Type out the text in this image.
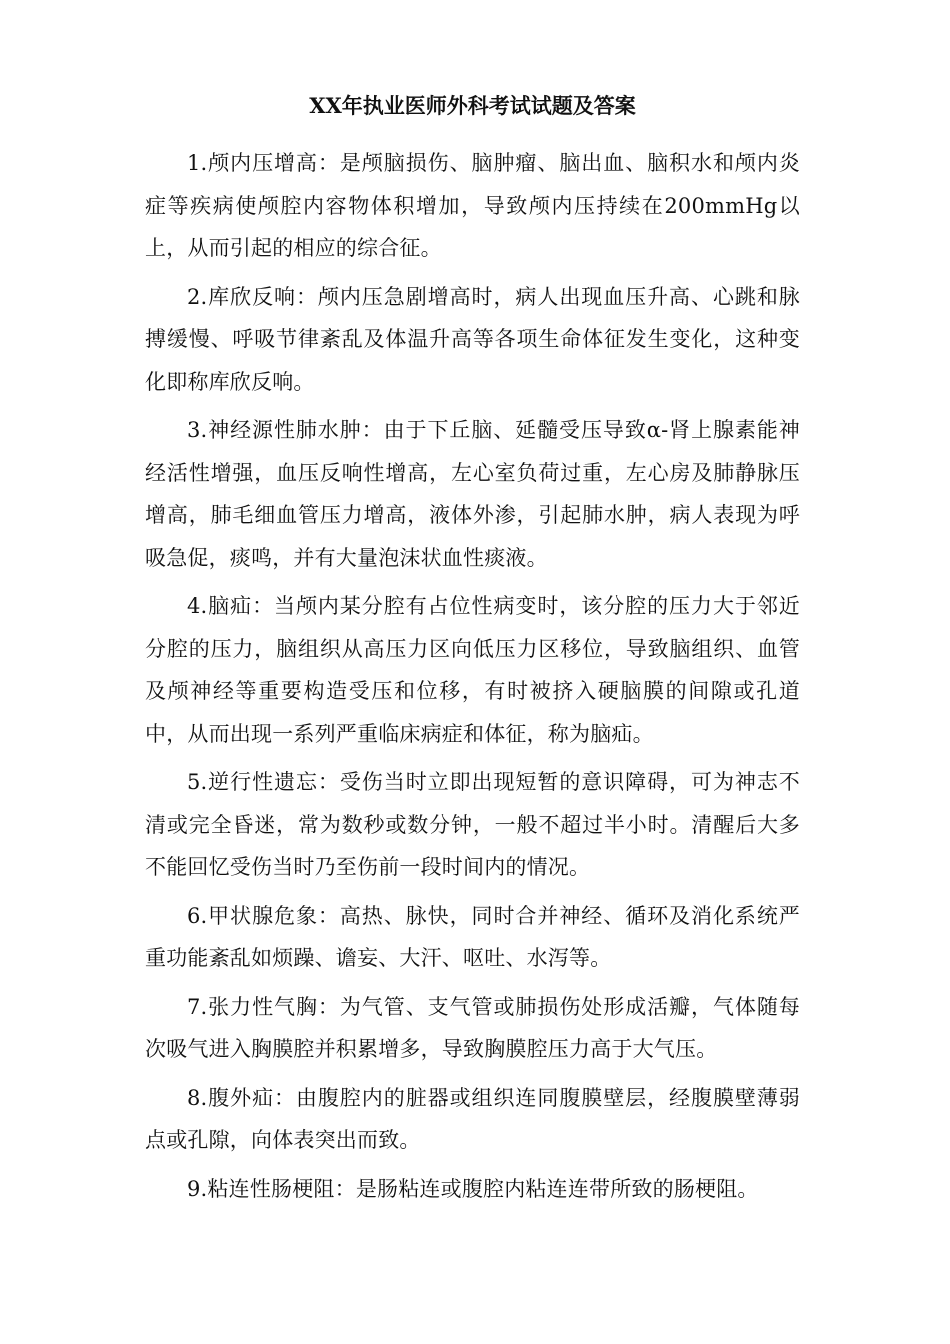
XX年执业医师外科考试试题及答案
1.颅内压增高：是颅脑损伤、脑肿瘤、脑出血、脑积水和颅内炎症等疾病使颅腔内容物体积增加，导致颅内压持续在200mmHg以上，从而引起的相应的综合征。
2.库欣反响：颅内压急剧增高时，病人出现血压升高、心跳和脉搏缓慢、呼吸节律紊乱及体温升高等各项生命体征发生变化，这种变化即称库欣反响。
3.神经源性肺水肿：由于下丘脑、延髓受压导致α-肾上腺素能神经活性增强，血压反响性增高，左心室负荷过重，左心房及肺静脉压增高，肺毛细血管压力增高，液体外渗，引起肺水肿，病人表现为呼吸急促，痰鸣，并有大量泡沫状血性痰液。
4.脑疝：当颅内某分腔有占位性病变时，该分腔的压力大于邻近分腔的压力，脑组织从高压力区向低压力区移位，导致脑组织、血管及颅神经等重要构造受压和位移，有时被挤入硬脑膜的间隙或孔道中，从而出现一系列严重临床病症和体征，称为脑疝。
5.逆行性遗忘：受伤当时立即出现短暂的意识障碍，可为神志不清或完全昏迷，常为数秒或数分钟，一般不超过半小时。清醒后大多不能回忆受伤当时乃至伤前一段时间内的情况。
6.甲状腺危象：高热、脉快，同时合并神经、循环及消化系统严重功能紊乱如烦躁、谵妄、大汗、呕吐、水泻等。
7.张力性气胸：为气管、支气管或肺损伤处形成活瓣，气体随每次吸气进入胸膜腔并积累增多，导致胸膜腔压力高于大气压。
8.腹外疝：由腹腔内的脏器或组织连同腹膜壁层，经腹膜壁薄弱点或孔隙，向体表突出而致。
9.粘连性肠梗阻：是肠粘连或腹腔内粘连连带所致的肠梗阻。
